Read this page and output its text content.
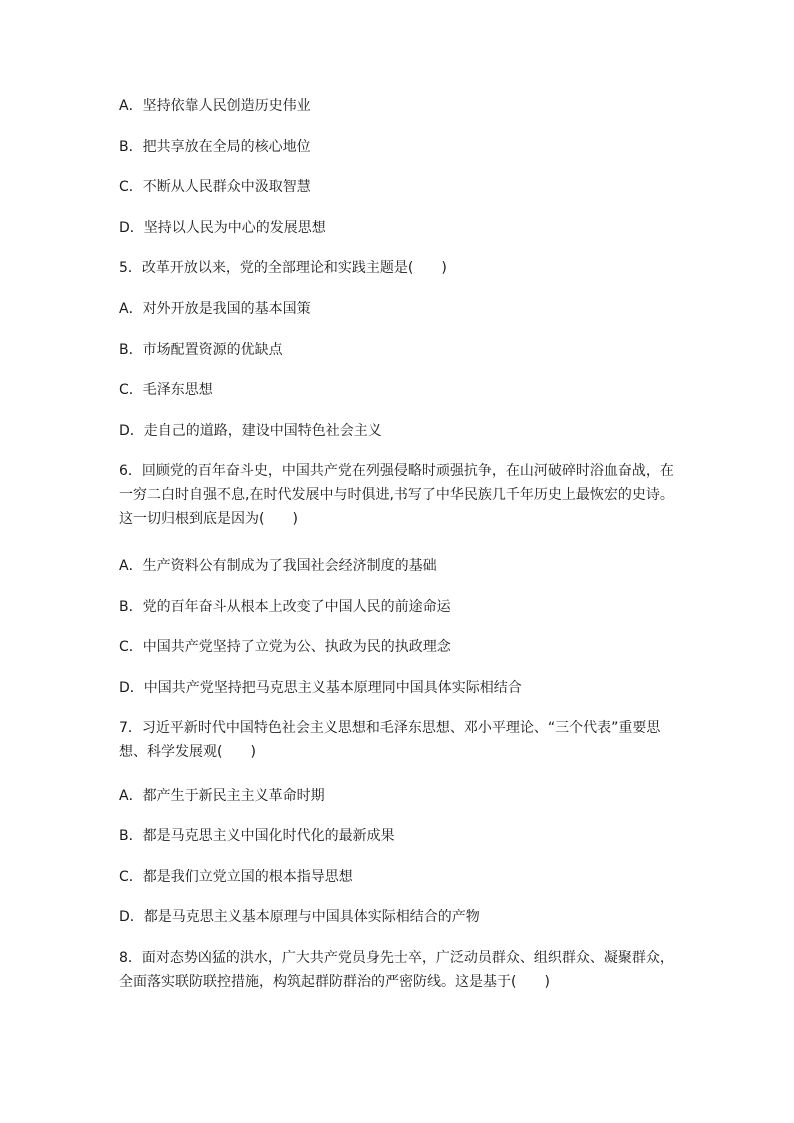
A．坚持依靠人民创造历史伟业
B．把共享放在全局的核心地位
C．不断从人民群众中汲取智慧
D．坚持以人民为中心的发展思想
5．改革开放以来，党的全部理论和实践主题是(　　)
A．对外开放是我国的基本国策
B．市场配置资源的优缺点
C．毛泽东思想
D．走自己的道路，建设中国特色社会主义
6．回顾党的百年奋斗史，中国共产党在列强侵略时顽强抗争，在山河破碎时浴血奋战，在
一穷二白时自强不息,在时代发展中与时俱进,书写了中华民族几千年历史上最恢宏的史诗。
这一切归根到底是因为(　　)
A．生产资料公有制成为了我国社会经济制度的基础
B．党的百年奋斗从根本上改变了中国人民的前途命运
C．中国共产党坚持了立党为公、执政为民的执政理念
D．中国共产党坚持把马克思主义基本原理同中国具体实际相结合
7．习近平新时代中国特色社会主义思想和毛泽东思想、邓小平理论、“三个代表”重要思
想、科学发展观(　　)
A．都产生于新民主主义革命时期
B．都是马克思主义中国化时代化的最新成果
C．都是我们立党立国的根本指导思想
D．都是马克思主义基本原理与中国具体实际相结合的产物
8．面对态势凶猛的洪水，广大共产党员身先士卒，广泛动员群众、组织群众、凝聚群众，
全面落实联防联控措施，构筑起群防群治的严密防线。这是基于(　　)
